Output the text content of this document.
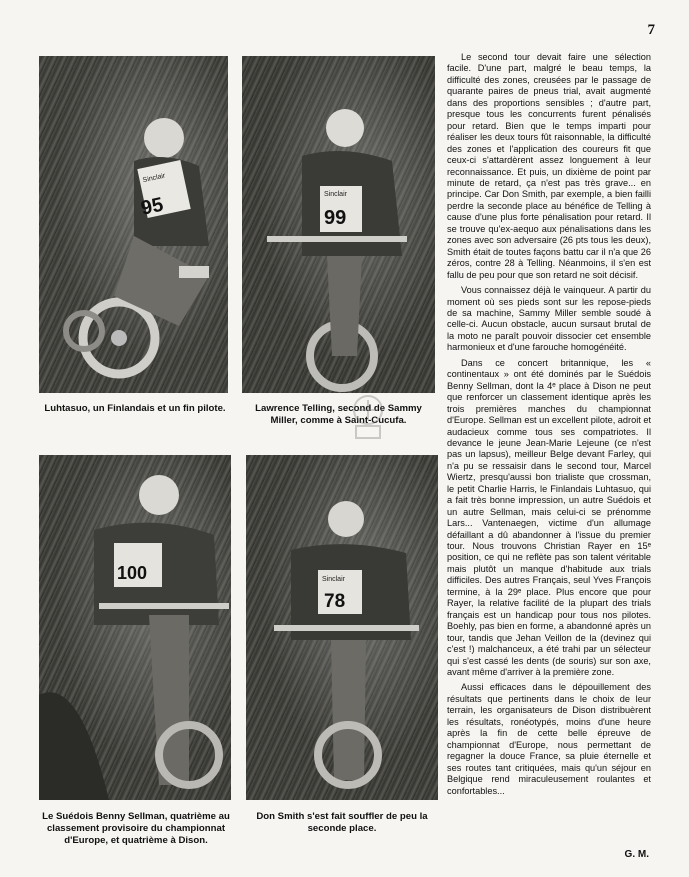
7
95
Sinclair
Luhtasuo, un Finlandais et un fin pilote.
99
Sinclair
Lawrence Telling, second de Sammy Miller, comme à Saint-Cucufa.
100
Le Suédois Benny Sellman, quatrième au classement provisoire du championnat d'Europe, et quatrième à Dison.
78
Sinclair
Don Smith s'est fait souffler de peu la seconde place.

Le second tour devait faire une sélection facile. D'une part, malgré le beau temps, la difficulté des zones, creusées par le passage de quarante paires de pneus trial, avait augmenté dans des proportions sensibles ; d'autre part, presque tous les concurrents furent pénalisés pour retard. Bien que le temps imparti pour réaliser les deux tours fût raisonnable, la difficulté des zones et l'application des coureurs fit que ceux-ci s'attardèrent assez longuement à leur reconnaissance. Et puis, un dixième de point par minute de retard, ça n'est pas très grave... en principe. Car Don Smith, par exemple, a bien failli perdre la seconde place au bénéfice de Telling à cause d'une plus forte pénalisation pour retard. Il se trouve qu'ex-aequo aux pénalisations dans les zones avec son adversaire (26 pts tous les deux), Smith était de toutes façons battu car il n'a que 26 zéros, contre 28 à Telling. Néanmoins, il s'en est fallu de peu pour que son retard ne soit décisif.

Vous connaissez déjà le vainqueur. A partir du moment où ses pieds sont sur les repose-pieds de sa machine, Sammy Miller semble soudé à celle-ci. Aucun obstacle, aucun sursaut brutal de la moto ne paraît pouvoir dissocier cet ensemble harmonieux et d'une farouche homogénéité.

Dans ce concert britannique, les « continentaux » ont été dominés par le Suédois Benny Sellman, dont la 4ᵉ place à Dison ne peut que renforcer un classement identique après les trois premières manches du championnat d'Europe. Sellman est un excellent pilote, adroit et audacieux comme tous ses compatriotes. Il devance le jeune Jean-Marie Lejeune (ce n'est pas un lapsus), meilleur Belge devant Farley, qui n'a pu se ressaisir dans le second tour, Marcel Wiertz, presqu'aussi bon trialiste que crossman, le petit Charlie Harris, le Finlandais Luhtasuo, qui a fait très bonne impression, un autre Suédois et un autre Sellman, mais celui-ci se prénomme Lars... Vantenaegen, victime d'un allumage défaillant a dû abandonner à l'issue du premier tour. Nous trouvons Christian Rayer en 15ᵉ position, ce qui ne reflète pas son talent véritable mais plutôt un manque d'habitude aux trials difficiles. Des autres Français, seul Yves François termine, à la 29ᵉ place. Plus encore que pour Rayer, la relative facilité de la plupart des trials français est un handicap pour tous nos pilotes. Boehly, pas bien en forme, a abandonné après un tour, tandis que Jehan Veillon de la (devinez qui c'est !) malchanceux, a été trahi par un sélecteur qui s'est cassé les dents (de souris) sur son axe, avant même d'arriver à la première zone.

Aussi efficaces dans le dépouillement des résultats que pertinents dans le choix de leur terrain, les organisateurs de Dison distribuèrent les résultats, ronéotypés, moins d'une heure après la fin de cette belle épreuve de championnat d'Europe, nous permettant de regagner la douce France, sa pluie éternelle et ses routes tant critiquées, mais qu'un séjour en Belgique rend miraculeusement roulantes et confortables...

G. M.
